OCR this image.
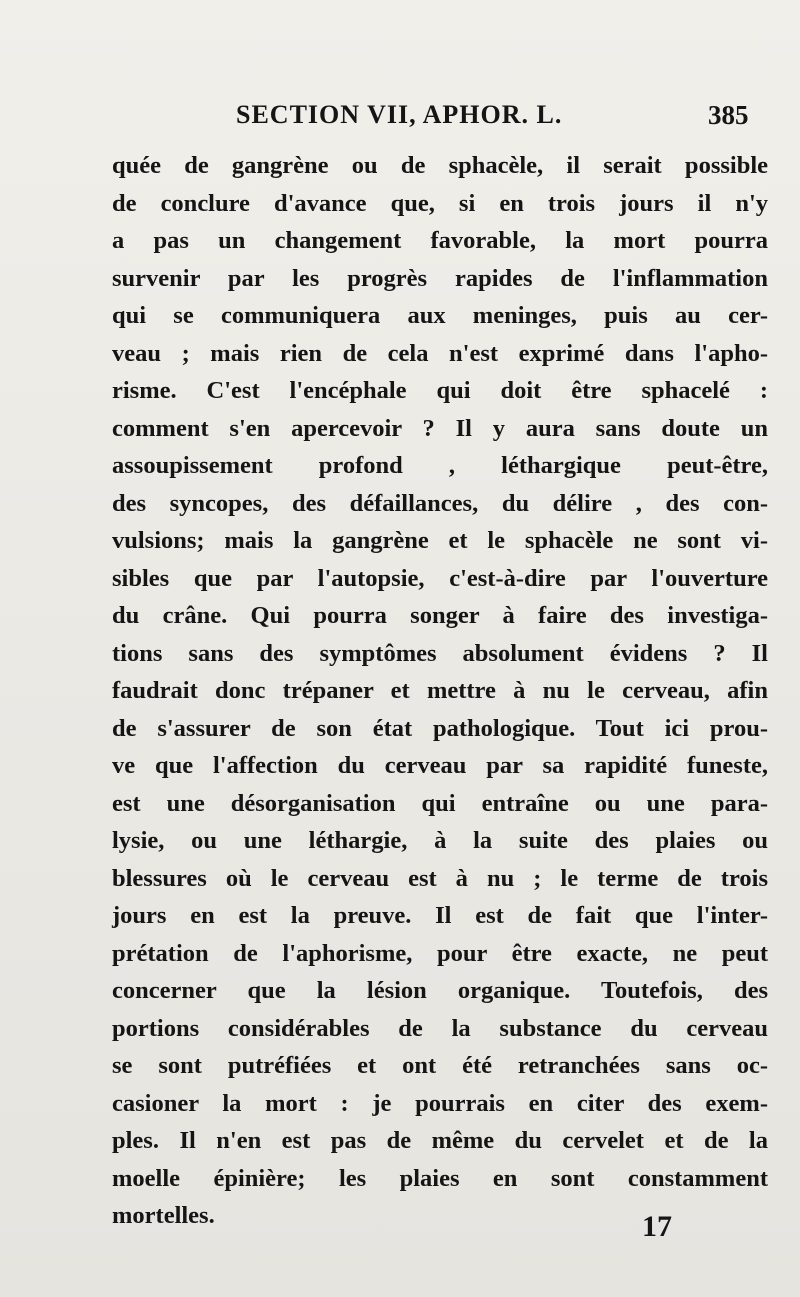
SECTION VII, APHOR. L.	385
quée de gangrène ou de sphacèle, il serait possible
de conclure d'avance que, si en trois jours il n'y
a pas un changement favorable, la mort pourra
survenir par les progrès rapides de l'inflammation
qui se communiquera aux meninges, puis au cer-
veau ; mais rien de cela n'est exprimé dans l'apho-
risme. C'est l'encéphale qui doit être sphacelé :
comment s'en apercevoir ? Il y aura sans doute un
assoupissement profond , léthargique peut-être,
des syncopes, des défaillances, du délire , des con-
vulsions; mais la gangrène et le sphacèle ne sont vi-
sibles que par l'autopsie, c'est-à-dire par l'ouverture
du crâne. Qui pourra songer à faire des investiga-
tions sans des symptômes absolument évidens ? Il
faudrait donc trépaner et mettre à nu le cerveau, afin
de s'assurer de son état pathologique. Tout ici prou-
ve que l'affection du cerveau par sa rapidité funeste,
est une désorganisation qui entraîne ou une para-
lysie, ou une léthargie, à la suite des plaies ou
blessures où le cerveau est à nu ; le terme de trois
jours en est la preuve. Il est de fait que l'inter-
prétation de l'aphorisme, pour être exacte, ne peut
concerner que la lésion organique. Toutefois, des
portions considérables de la substance du cerveau
se sont putréfiées et ont été retranchées sans oc-
casioner la mort : je pourrais en citer des exem-
ples. Il n'en est pas de même du cervelet et de la
moelle épinière; les plaies en sont constamment
mortelles.	17
